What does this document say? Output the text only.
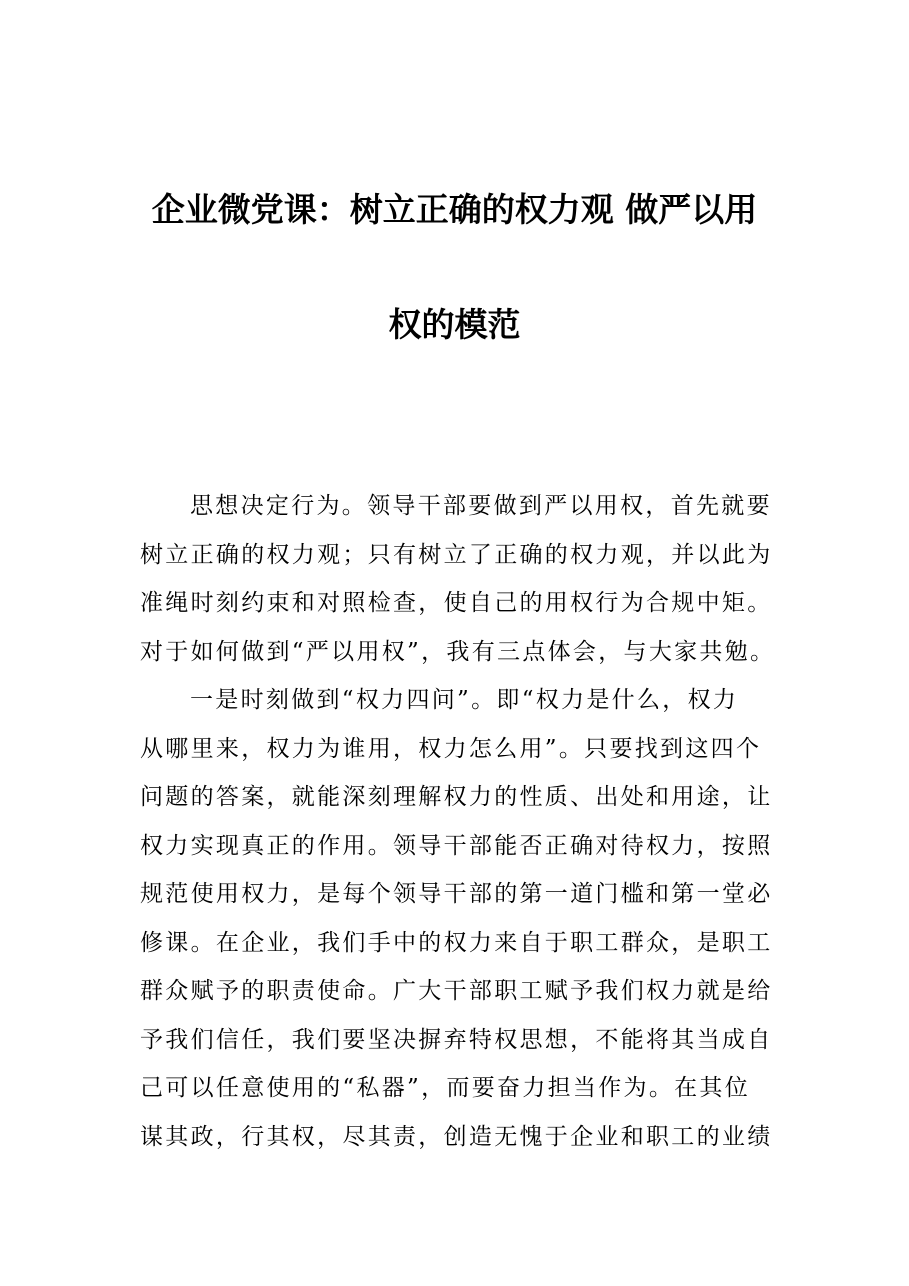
企业微党课：树立正确的权力观 做严以用
权的模范
思想决定行为。领导干部要做到严以用权，首先就要
树立正确的权力观；只有树立了正确的权力观，并以此为
准绳时刻约束和对照检查，使自己的用权行为合规中矩。
对于如何做到“严以用权”，我有三点体会，与大家共勉。
一是时刻做到“权力四问”。即“权力是什么，权力
从哪里来，权力为谁用，权力怎么用”。只要找到这四个
问题的答案，就能深刻理解权力的性质、出处和用途，让
权力实现真正的作用。领导干部能否正确对待权力，按照
规范使用权力，是每个领导干部的第一道门槛和第一堂必
修课。在企业，我们手中的权力来自于职工群众，是职工
群众赋予的职责使命。广大干部职工赋予我们权力就是给
予我们信任，我们要坚决摒弃特权思想，不能将其当成自
己可以任意使用的“私器”，而要奋力担当作为。在其位
谋其政，行其权，尽其责，创造无愧于企业和职工的业绩
